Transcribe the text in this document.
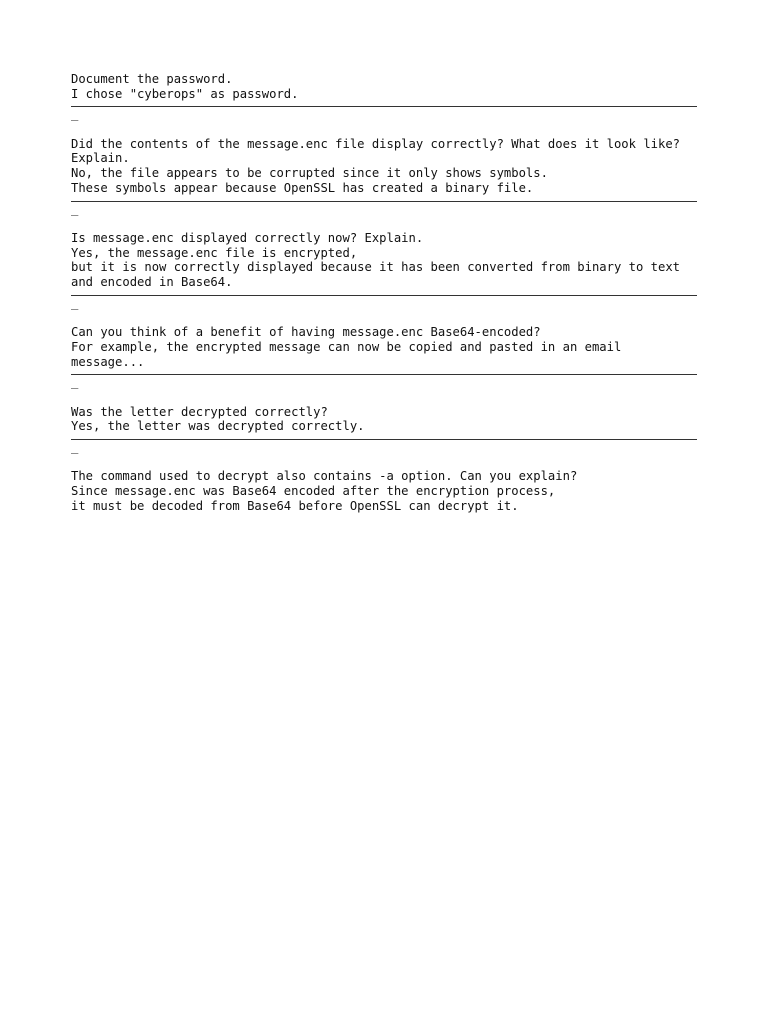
Document the password.
I chose "cyberops" as password.
_
Did the contents of the message.enc file display correctly? What does it look like?
Explain.
No, the file appears to be corrupted since it only shows symbols.
These symbols appear because OpenSSL has created a binary file.
_
Is message.enc displayed correctly now? Explain.
Yes, the message.enc file is encrypted,
but it is now correctly displayed because it has been converted from binary to text
and encoded in Base64.
_
Can you think of a benefit of having message.enc Base64-encoded?
For example, the encrypted message can now be copied and pasted in an email
message...
_
Was the letter decrypted correctly?
Yes, the letter was decrypted correctly.
_
The command used to decrypt also contains -a option. Can you explain?
Since message.enc was Base64 encoded after the encryption process,
it must be decoded from Base64 before OpenSSL can decrypt it.
